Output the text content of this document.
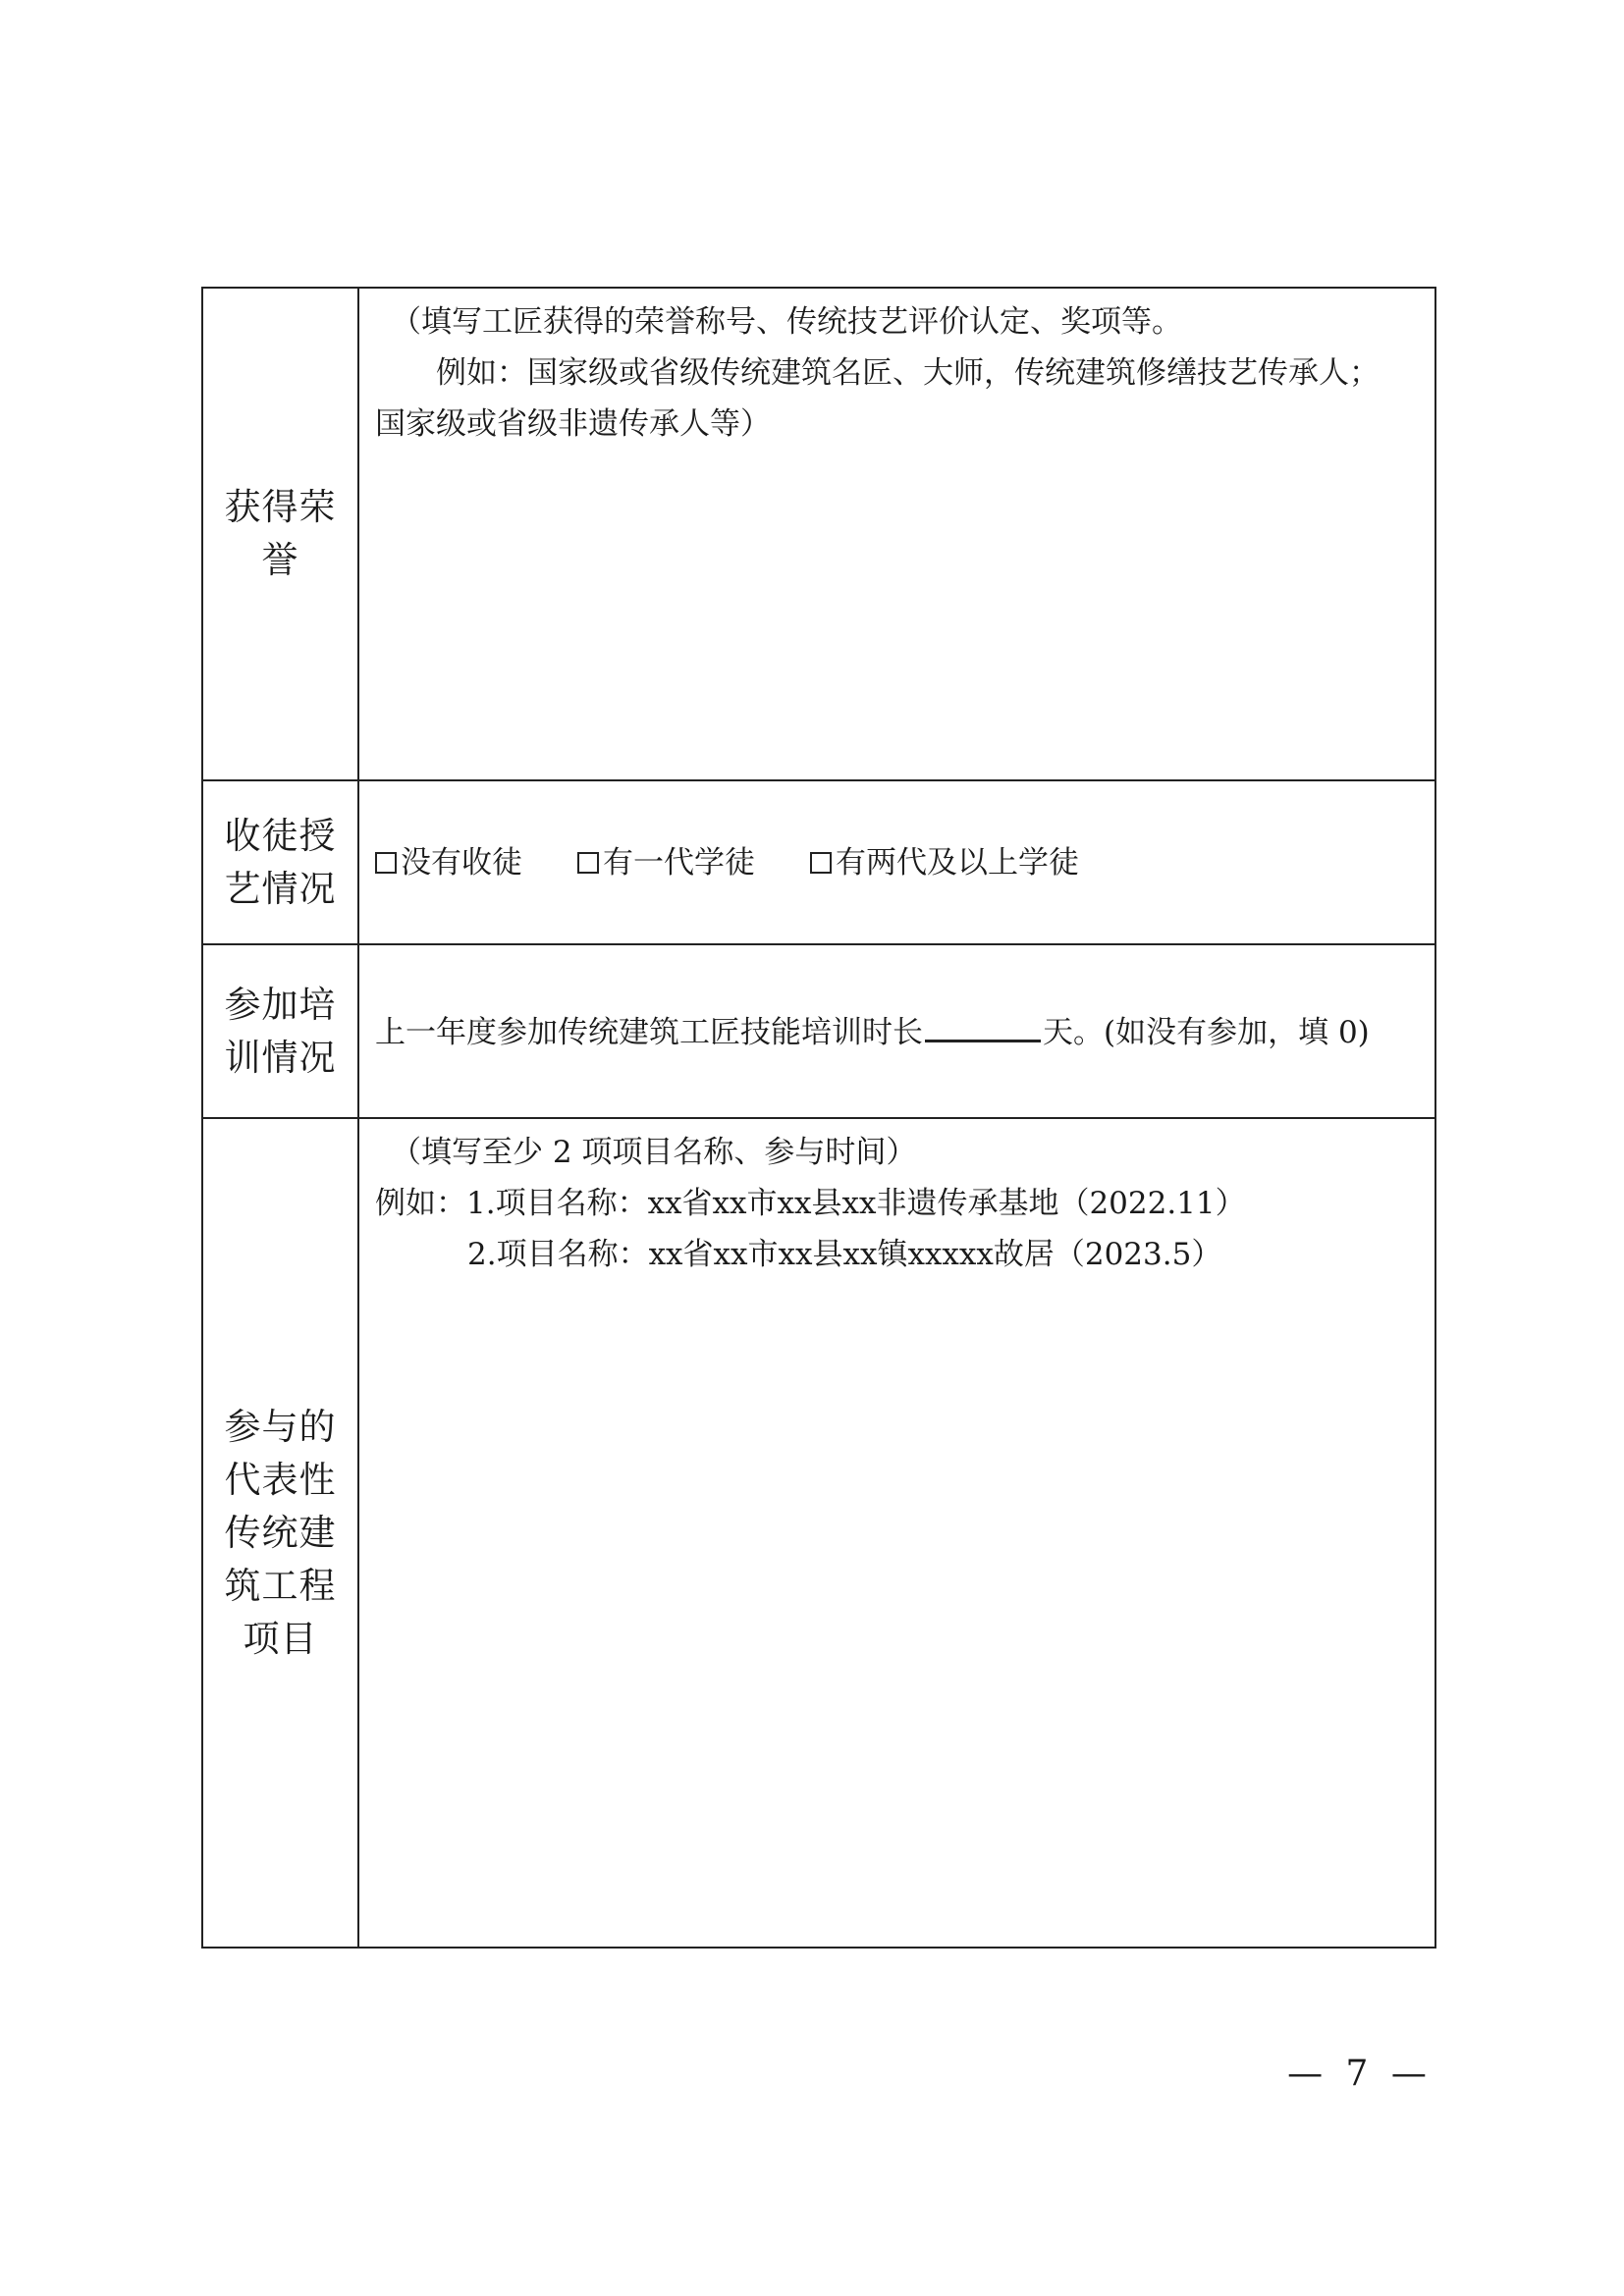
获得荣誉	（填写工匠获得的荣誉称号、传统技艺评价认定、奖项等。
例如：国家级或省级传统建筑名匠、大师，传统建筑修缮技艺传承人；
国家级或省级非遗传承人等）

收徒授艺情况	没有收徒 有一代学徒 有两代及以上学徒

参加培训情况	上一年度参加传统建筑工匠技能培训时长 天。(如没有参加，填 0)

参与的代表性传统建筑工程项目	（填写至少 2 项项目名称、参与时间）
例如：1.项目名称：xx省xx市xx县xx非遗传承基地（2022.11）
2.项目名称：xx省xx市xx县xx镇xxxxx故居（2023.5）
— 7 —
